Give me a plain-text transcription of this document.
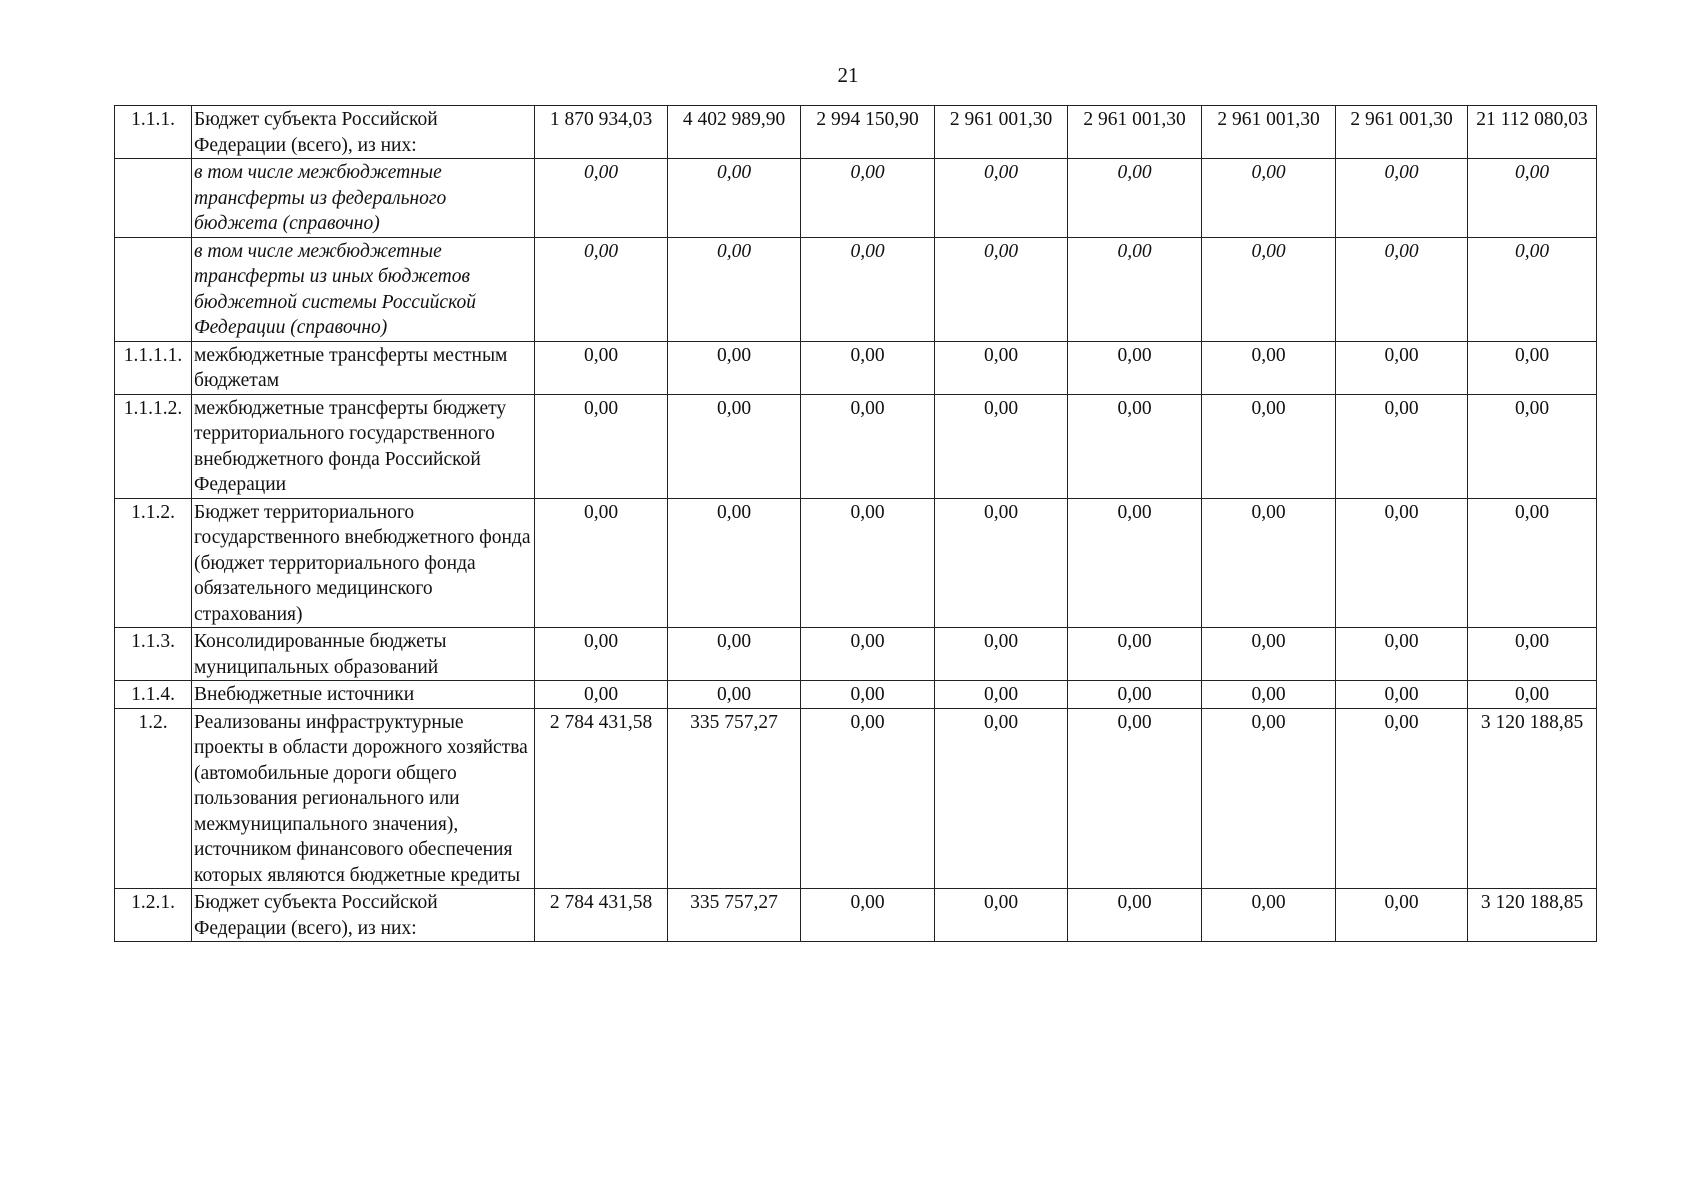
21
1.1.1.	Бюджет субъекта Российской Федерации (всего), из них:	1 870 934,03	4 402 989,90	2 994 150,90	2 961 001,30	2 961 001,30	2 961 001,30	2 961 001,30	21 112 080,03
	в том числе межбюджетные трансферты из федерального бюджета (справочно)	0,00	0,00	0,00	0,00	0,00	0,00	0,00	0,00
	в том числе межбюджетные трансферты из иных бюджетов бюджетной системы Российской Федерации (справочно)	0,00	0,00	0,00	0,00	0,00	0,00	0,00	0,00
1.1.1.1.	межбюджетные трансферты местным бюджетам	0,00	0,00	0,00	0,00	0,00	0,00	0,00	0,00
1.1.1.2.	межбюджетные трансферты бюджету территориального государственного внебюджетного фонда Российской Федерации	0,00	0,00	0,00	0,00	0,00	0,00	0,00	0,00
1.1.2.	Бюджет территориального государственного внебюджетного фонда (бюджет территориального фонда обязательного медицинского страхования)	0,00	0,00	0,00	0,00	0,00	0,00	0,00	0,00
1.1.3.	Консолидированные бюджеты муниципальных образований	0,00	0,00	0,00	0,00	0,00	0,00	0,00	0,00
1.1.4.	Внебюджетные источники	0,00	0,00	0,00	0,00	0,00	0,00	0,00	0,00
1.2.	Реализованы инфраструктурные проекты в области дорожного хозяйства (автомобильные дороги общего пользования регионального или межмуниципального значения), источником финансового обеспечения которых являются бюджетные кредиты	2 784 431,58	335 757,27	0,00	0,00	0,00	0,00	0,00	3 120 188,85
1.2.1.	Бюджет субъекта Российской Федерации (всего), из них:	2 784 431,58	335 757,27	0,00	0,00	0,00	0,00	0,00	3 120 188,85
